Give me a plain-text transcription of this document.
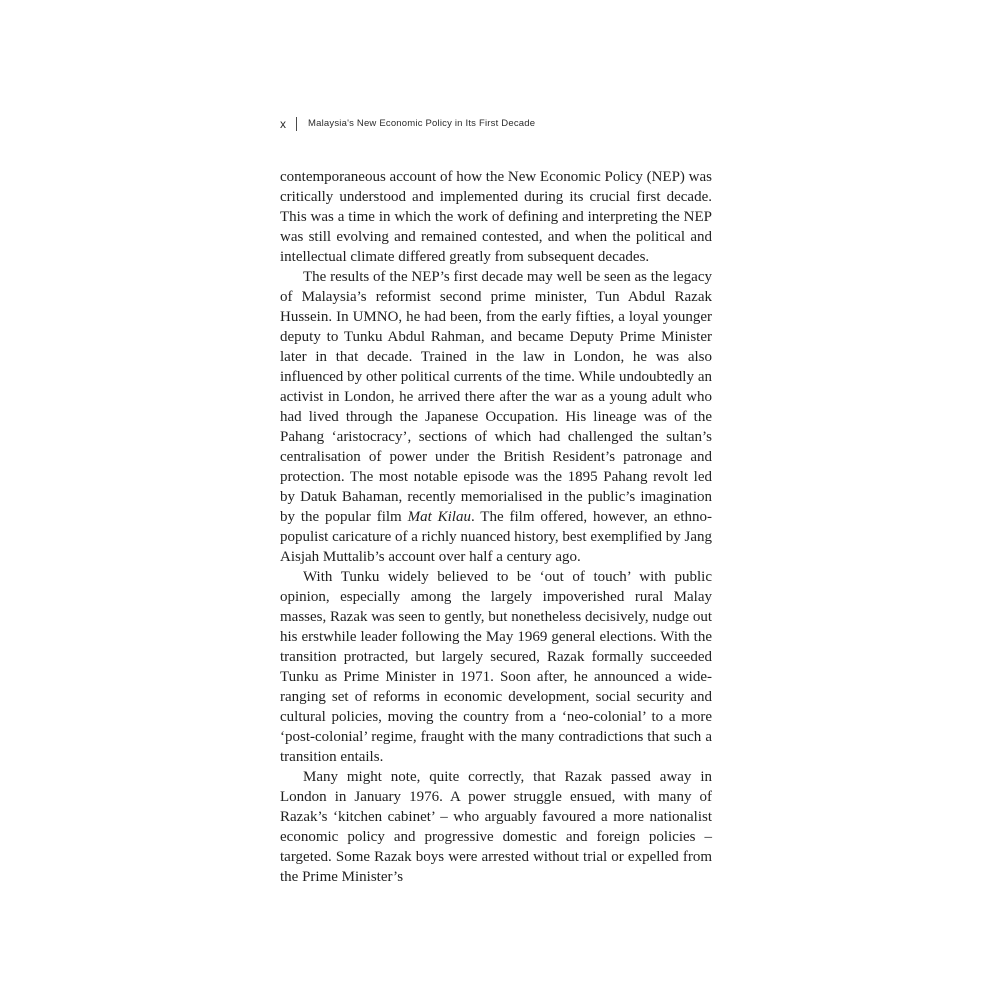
x Malaysia's New Economic Policy in Its First Decade

contemporaneous account of how the New Economic Policy (NEP) was critically understood and implemented during its crucial first decade. This was a time in which the work of defining and interpreting the NEP was still evolving and remained contested, and when the political and intellectual climate differed greatly from subsequent decades.

The results of the NEP’s first decade may well be seen as the legacy of Malaysia’s reformist second prime minister, Tun Abdul Razak Hussein. In UMNO, he had been, from the early fifties, a loyal younger deputy to Tunku Abdul Rahman, and became Deputy Prime Minister later in that decade. Trained in the law in London, he was also influenced by other political currents of the time. While undoubtedly an activist in London, he arrived there after the war as a young adult who had lived through the Japanese Occupation. His lineage was of the Pahang ‘aristocracy’, sections of which had challenged the sultan’s centralisation of power under the British Resident’s patronage and protection. The most notable episode was the 1895 Pahang revolt led by Datuk Bahaman, recently memorialised in the public’s imagination by the popular film Mat Kilau. The film offered, however, an ethno-populist caricature of a richly nuanced history, best exemplified by Jang Aisjah Muttalib’s account over half a century ago.

With Tunku widely believed to be ‘out of touch’ with public opinion, especially among the largely impoverished rural Malay masses, Razak was seen to gently, but nonetheless decisively, nudge out his erstwhile leader following the May 1969 general elections. With the transition protracted, but largely secured, Razak formally succeeded Tunku as Prime Minister in 1971. Soon after, he announced a wide-ranging set of reforms in economic development, social security and cultural policies, moving the country from a ‘neo-colonial’ to a more ‘post-colonial’ regime, fraught with the many contradictions that such a transition entails.

Many might note, quite correctly, that Razak passed away in London in January 1976. A power struggle ensued, with many of Razak’s ‘kitchen cabinet’ – who arguably favoured a more nationalist economic policy and progressive domestic and foreign policies – targeted. Some Razak boys were arrested without trial or expelled from the Prime Minister’s
